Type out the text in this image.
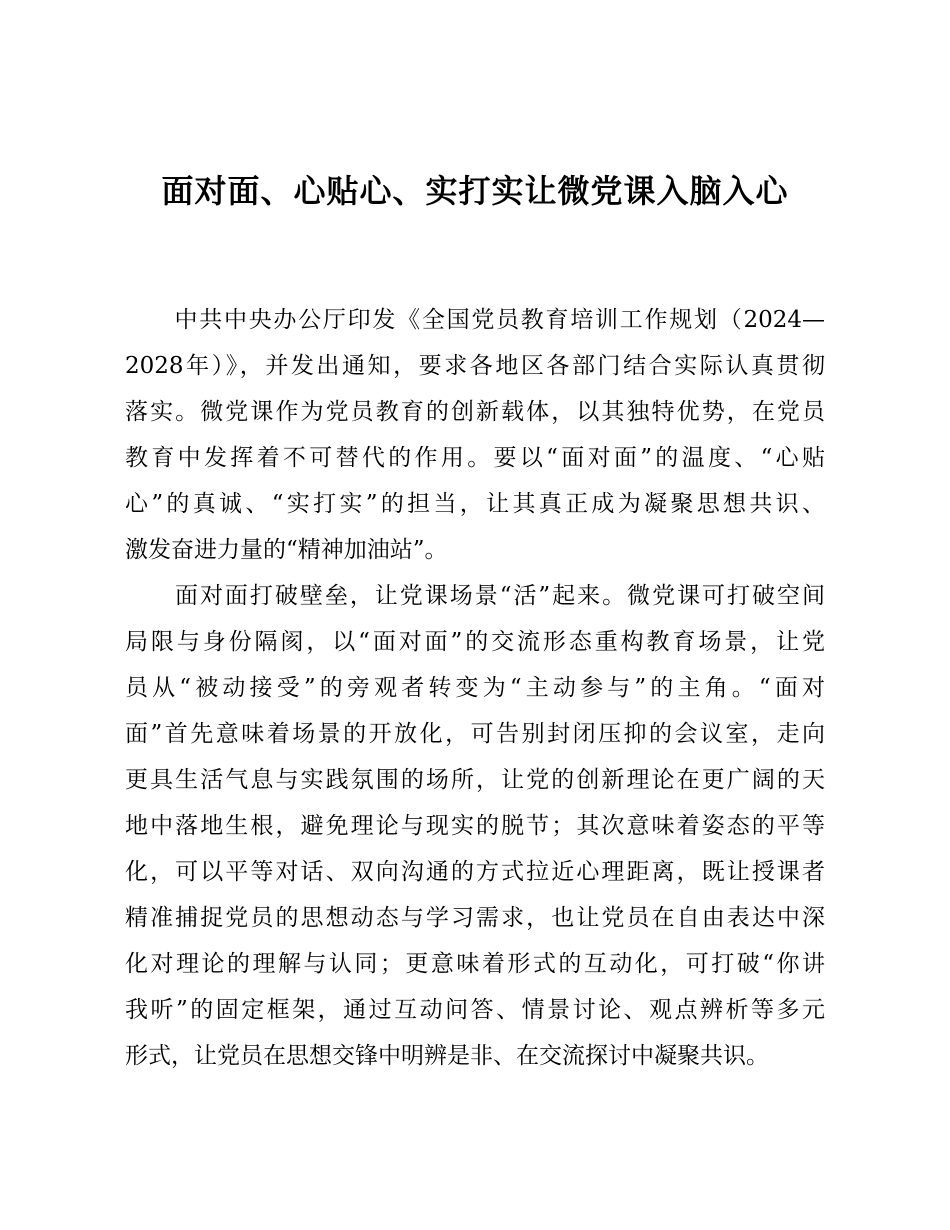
面对面、心贴心、实打实让微党课入脑入心
　　中共中央办公厅印发《全国党员教育培训工作规划（2024—
2028年）》，并发出通知，要求各地区各部门结合实际认真贯彻
落实。微党课作为党员教育的创新载体，以其独特优势，在党员
教育中发挥着不可替代的作用。要以“面对面”的温度、“心贴
心”的真诚、“实打实”的担当，让其真正成为凝聚思想共识、
激发奋进力量的“精神加油站”。
　　面对面打破壁垒，让党课场景“活”起来。微党课可打破空间
局限与身份隔阂，以“面对面”的交流形态重构教育场景，让党
员从“被动接受”的旁观者转变为“主动参与”的主角。“面对
面”首先意味着场景的开放化，可告别封闭压抑的会议室，走向
更具生活气息与实践氛围的场所，让党的创新理论在更广阔的天
地中落地生根，避免理论与现实的脱节；其次意味着姿态的平等
化，可以平等对话、双向沟通的方式拉近心理距离，既让授课者
精准捕捉党员的思想动态与学习需求，也让党员在自由表达中深
化对理论的理解与认同；更意味着形式的互动化，可打破“你讲
我听”的固定框架，通过互动问答、情景讨论、观点辨析等多元
形式，让党员在思想交锋中明辨是非、在交流探讨中凝聚共识。
